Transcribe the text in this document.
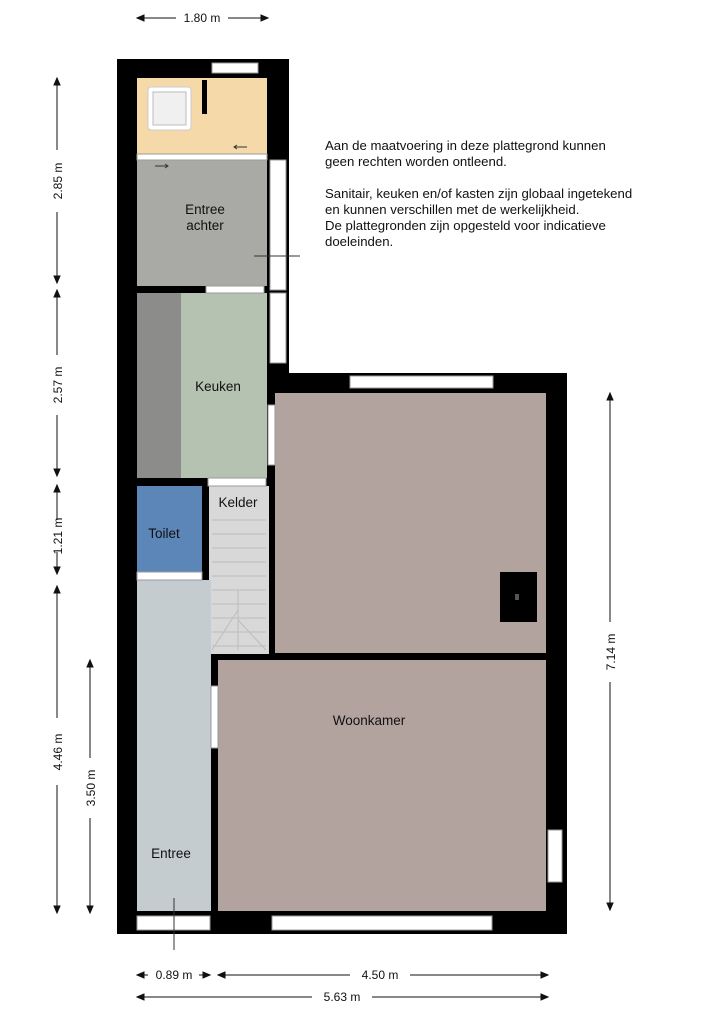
Entree
achter
Keuken
Kelder
Toilet
Woonkamer
Entree
1.80 m
2.85 m
2.57 m
1.21 m
4.46 m
3.50 m
7.14 m
0.89 m	4.50 m
5.63 m

Aan de maatvoering in deze plattegrond kunnen
geen rechten worden ontleend.

Sanitair, keuken en/of kasten zijn globaal ingetekend
en kunnen verschillen met de werkelijkheid.
De plattegronden zijn opgesteld voor indicatieve
doeleinden.
